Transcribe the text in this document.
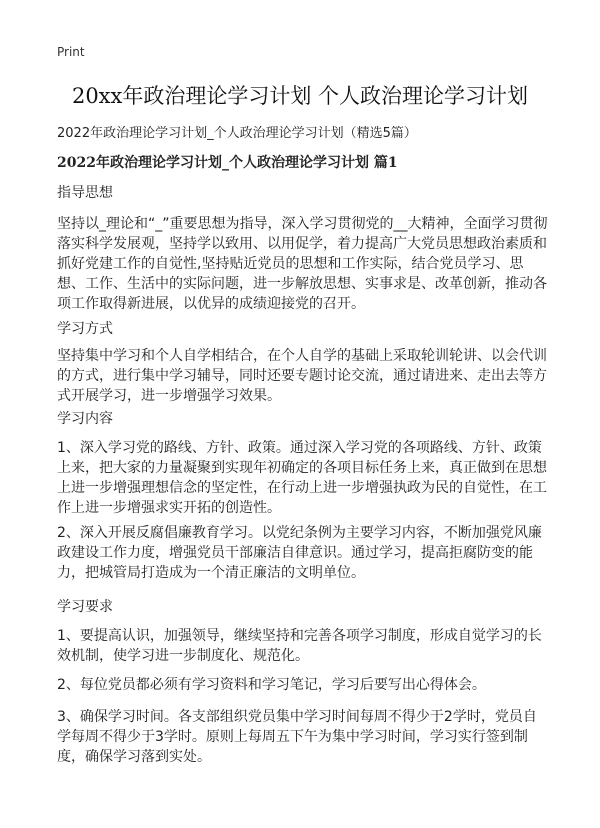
Print
20xx年政治理论学习计划 个人政治理论学习计划
2022年政治理论学习计划_个人政治理论学习计划（精选5篇）
2022年政治理论学习计划_个人政治理论学习计划 篇1
指导思想
坚持以_理论和“_”重要思想为指导，深入学习贯彻党的__大精神，全面学习贯彻落实科学发展观，坚持学以致用、以用促学，着力提高广大党员思想政治素质和抓好党建工作的自觉性,坚持贴近党员的思想和工作实际，结合党员学习、思想、工作、生活中的实际问题，进一步解放思想、实事求是、改革创新，推动各项工作取得新进展，以优异的成绩迎接党的召开。
学习方式
坚持集中学习和个人自学相结合，在个人自学的基础上采取轮训轮讲、以会代训的方式，进行集中学习辅导，同时还要专题讨论交流，通过请进来、走出去等方式开展学习，进一步增强学习效果。
学习内容
1、深入学习党的路线、方针、政策。通过深入学习党的各项路线、方针、政策上来，把大家的力量凝聚到实现年初确定的各项目标任务上来，真正做到在思想上进一步增强理想信念的坚定性，在行动上进一步增强执政为民的自觉性，在工作上进一步增强求实开拓的创造性。
2、深入开展反腐倡廉教育学习。以党纪条例为主要学习内容，不断加强党风廉政建设工作力度，增强党员干部廉洁自律意识。通过学习，提高拒腐防变的能力，把城管局打造成为一个清正廉洁的文明单位。
学习要求
1、要提高认识，加强领导，继续坚持和完善各项学习制度，形成自觉学习的长效机制，使学习进一步制度化、规范化。
2、每位党员都必须有学习资料和学习笔记，学习后要写出心得体会。
3、确保学习时间。各支部组织党员集中学习时间每周不得少于2学时，党员自学每周不得少于3学时。原则上每周五下午为集中学习时间，学习实行签到制度，确保学习落到实处。
